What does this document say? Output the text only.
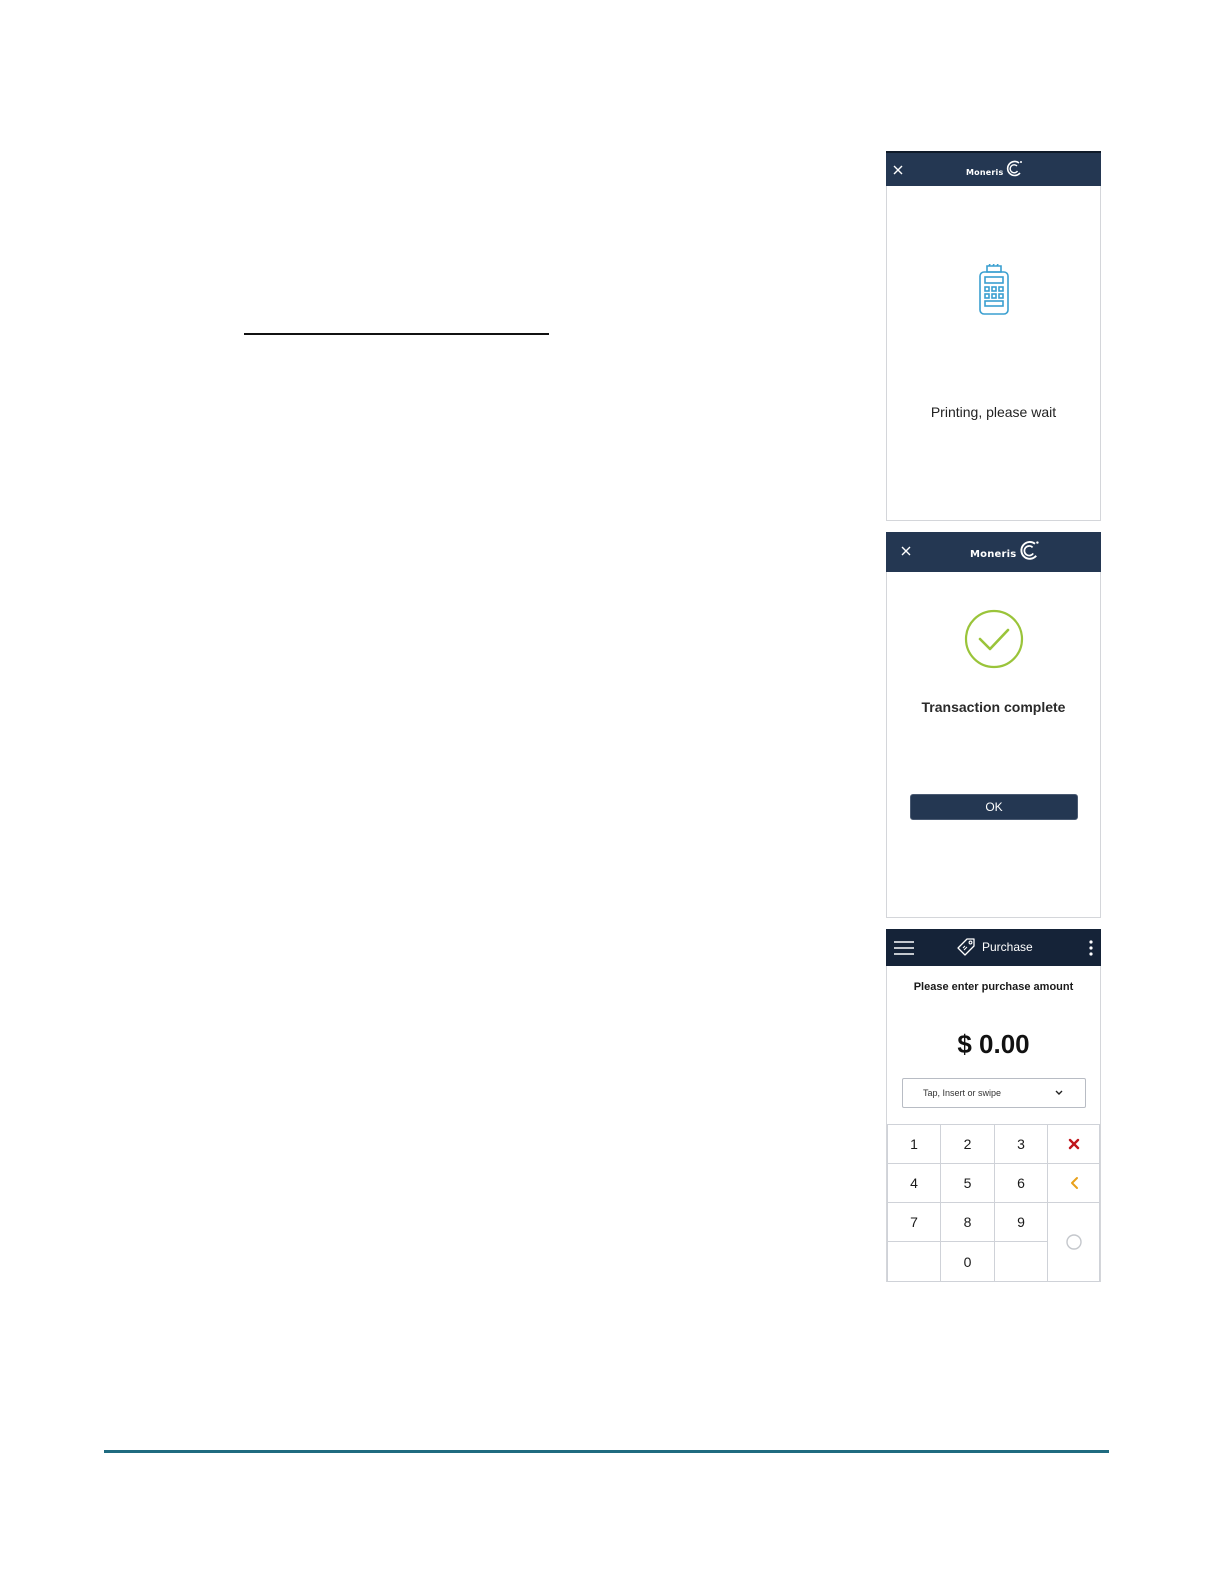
Moneris
Printing, please wait
Moneris
Transaction complete
OK
Purchase
Please enter purchase amount
$ 0.00
Tap, Insert or swipe
1	2	3
4	5	6
7	8	9
0
